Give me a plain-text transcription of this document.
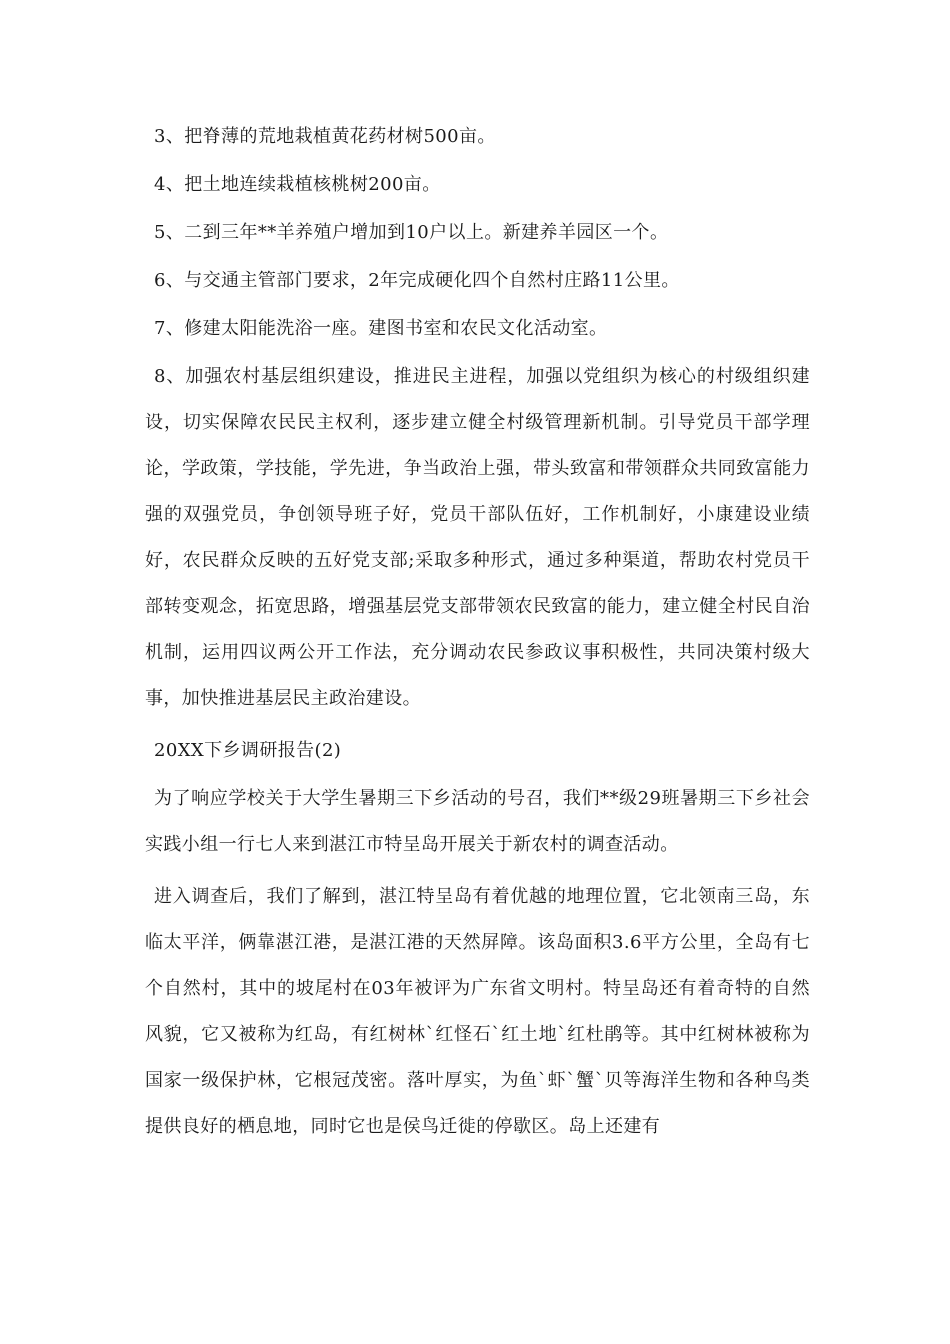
3、把脊薄的荒地栽植黄花药材树500亩。

4、把土地连续栽植核桃树200亩。

5、二到三年**羊养殖户增加到10户以上。新建养羊园区一个。

6、与交通主管部门要求，2年完成硬化四个自然村庄路11公里。

7、修建太阳能洗浴一座。建图书室和农民文化活动室。

8、加强农村基层组织建设，推进民主进程，加强以党组织为核心的村级组织建设，切实保障农民民主权利，逐步建立健全村级管理新机制。引导党员干部学理论，学政策，学技能，学先进，争当政治上强，带头致富和带领群众共同致富能力强的双强党员，争创领导班子好，党员干部队伍好，工作机制好，小康建设业绩好，农民群众反映的五好党支部;采取多种形式，通过多种渠道，帮助农村党员干部转变观念，拓宽思路，增强基层党支部带领农民致富的能力，建立健全村民自治机制，运用四议两公开工作法，充分调动农民参政议事积极性，共同决策村级大事，加快推进基层民主政治建设。

20XX下乡调研报告(2)

为了响应学校关于大学生暑期三下乡活动的号召，我们**级29班暑期三下乡社会实践小组一行七人来到湛江市特呈岛开展关于新农村的调查活动。

进入调查后，我们了解到，湛江特呈岛有着优越的地理位置，它北领南三岛，东临太平洋，俩靠湛江港，是湛江港的天然屏障。该岛面积3.6平方公里，全岛有七个自然村，其中的坡尾村在03年被评为广东省文明村。特呈岛还有着奇特的自然风貌，它又被称为红岛，有红树林`红怪石`红土地`红杜鹃等。其中红树林被称为国家一级保护林，它根冠茂密。落叶厚实，为鱼`虾`蟹`贝等海洋生物和各种鸟类提供良好的栖息地，同时它也是侯鸟迁徙的停歇区。岛上还建有
